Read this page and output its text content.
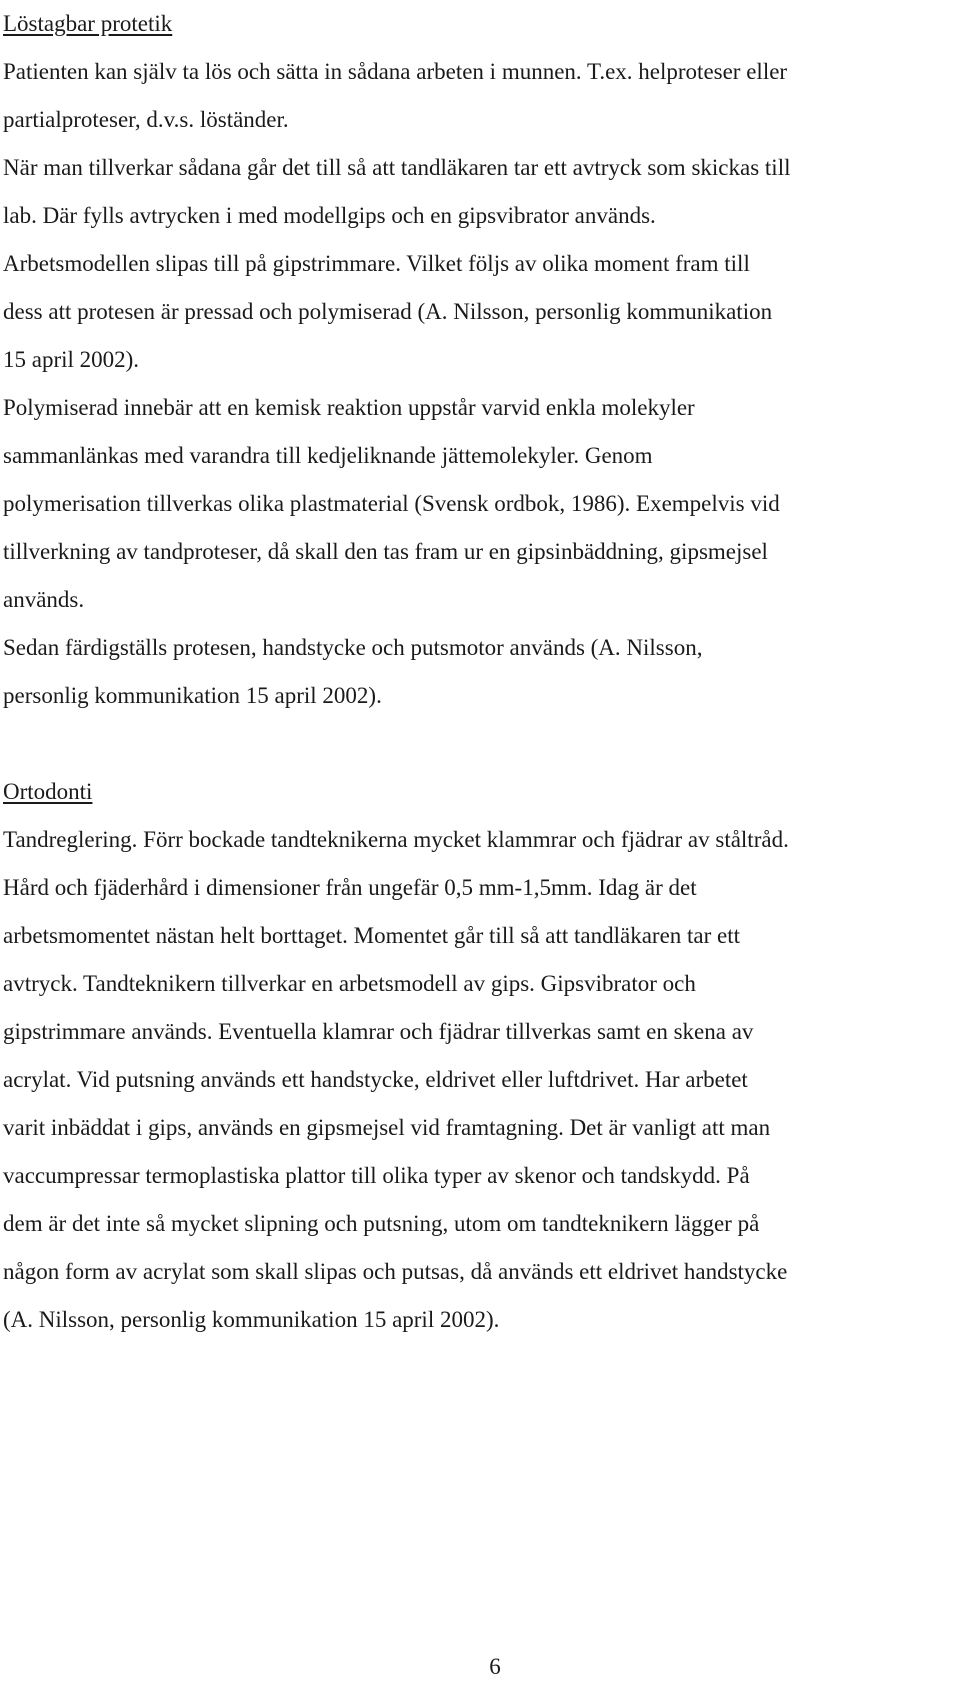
Löstagbar protetik
Patienten kan själv ta lös och sätta in sådana arbeten i munnen. T.ex. helproteser eller
partialproteser, d.v.s. löständer.
När man tillverkar sådana går det till så att tandläkaren tar ett avtryck som skickas till
lab. Där fylls avtrycken i med modellgips och en gipsvibrator används.
Arbetsmodellen slipas till på gipstrimmare. Vilket följs av olika moment fram till
dess att protesen är pressad och polymiserad (A. Nilsson, personlig kommunikation
15 april 2002).
Polymiserad innebär att en kemisk reaktion uppstår varvid enkla molekyler
sammanlänkas med varandra till kedjeliknande jättemolekyler. Genom
polymerisation tillverkas olika plastmaterial (Svensk ordbok, 1986). Exempelvis vid
tillverkning av tandproteser, då skall den tas fram ur en gipsinbäddning, gipsmejsel
används.
Sedan färdigställs protesen, handstycke och putsmotor används (A. Nilsson,
personlig kommunikation 15 april 2002).
Ortodonti
Tandreglering. Förr bockade tandteknikerna mycket klammrar och fjädrar av ståltråd.
Hård och fjäderhård i dimensioner från ungefär 0,5 mm-1,5mm. Idag är det
arbetsmomentet nästan helt borttaget. Momentet går till så att tandläkaren tar ett
avtryck. Tandteknikern tillverkar en arbetsmodell av gips. Gipsvibrator och
gipstrimmare används. Eventuella klamrar och fjädrar tillverkas samt en skena av
acrylat. Vid putsning används ett handstycke, eldrivet eller luftdrivet. Har arbetet
varit inbäddat i gips, används en gipsmejsel vid framtagning. Det är vanligt att man
vaccumpressar termoplastiska plattor till olika typer av skenor och tandskydd. På
dem är det inte så mycket slipning och putsning, utom om tandteknikern lägger på
någon form av acrylat som skall slipas och putsas, då används ett eldrivet handstycke
(A. Nilsson, personlig kommunikation 15 april 2002).
6
